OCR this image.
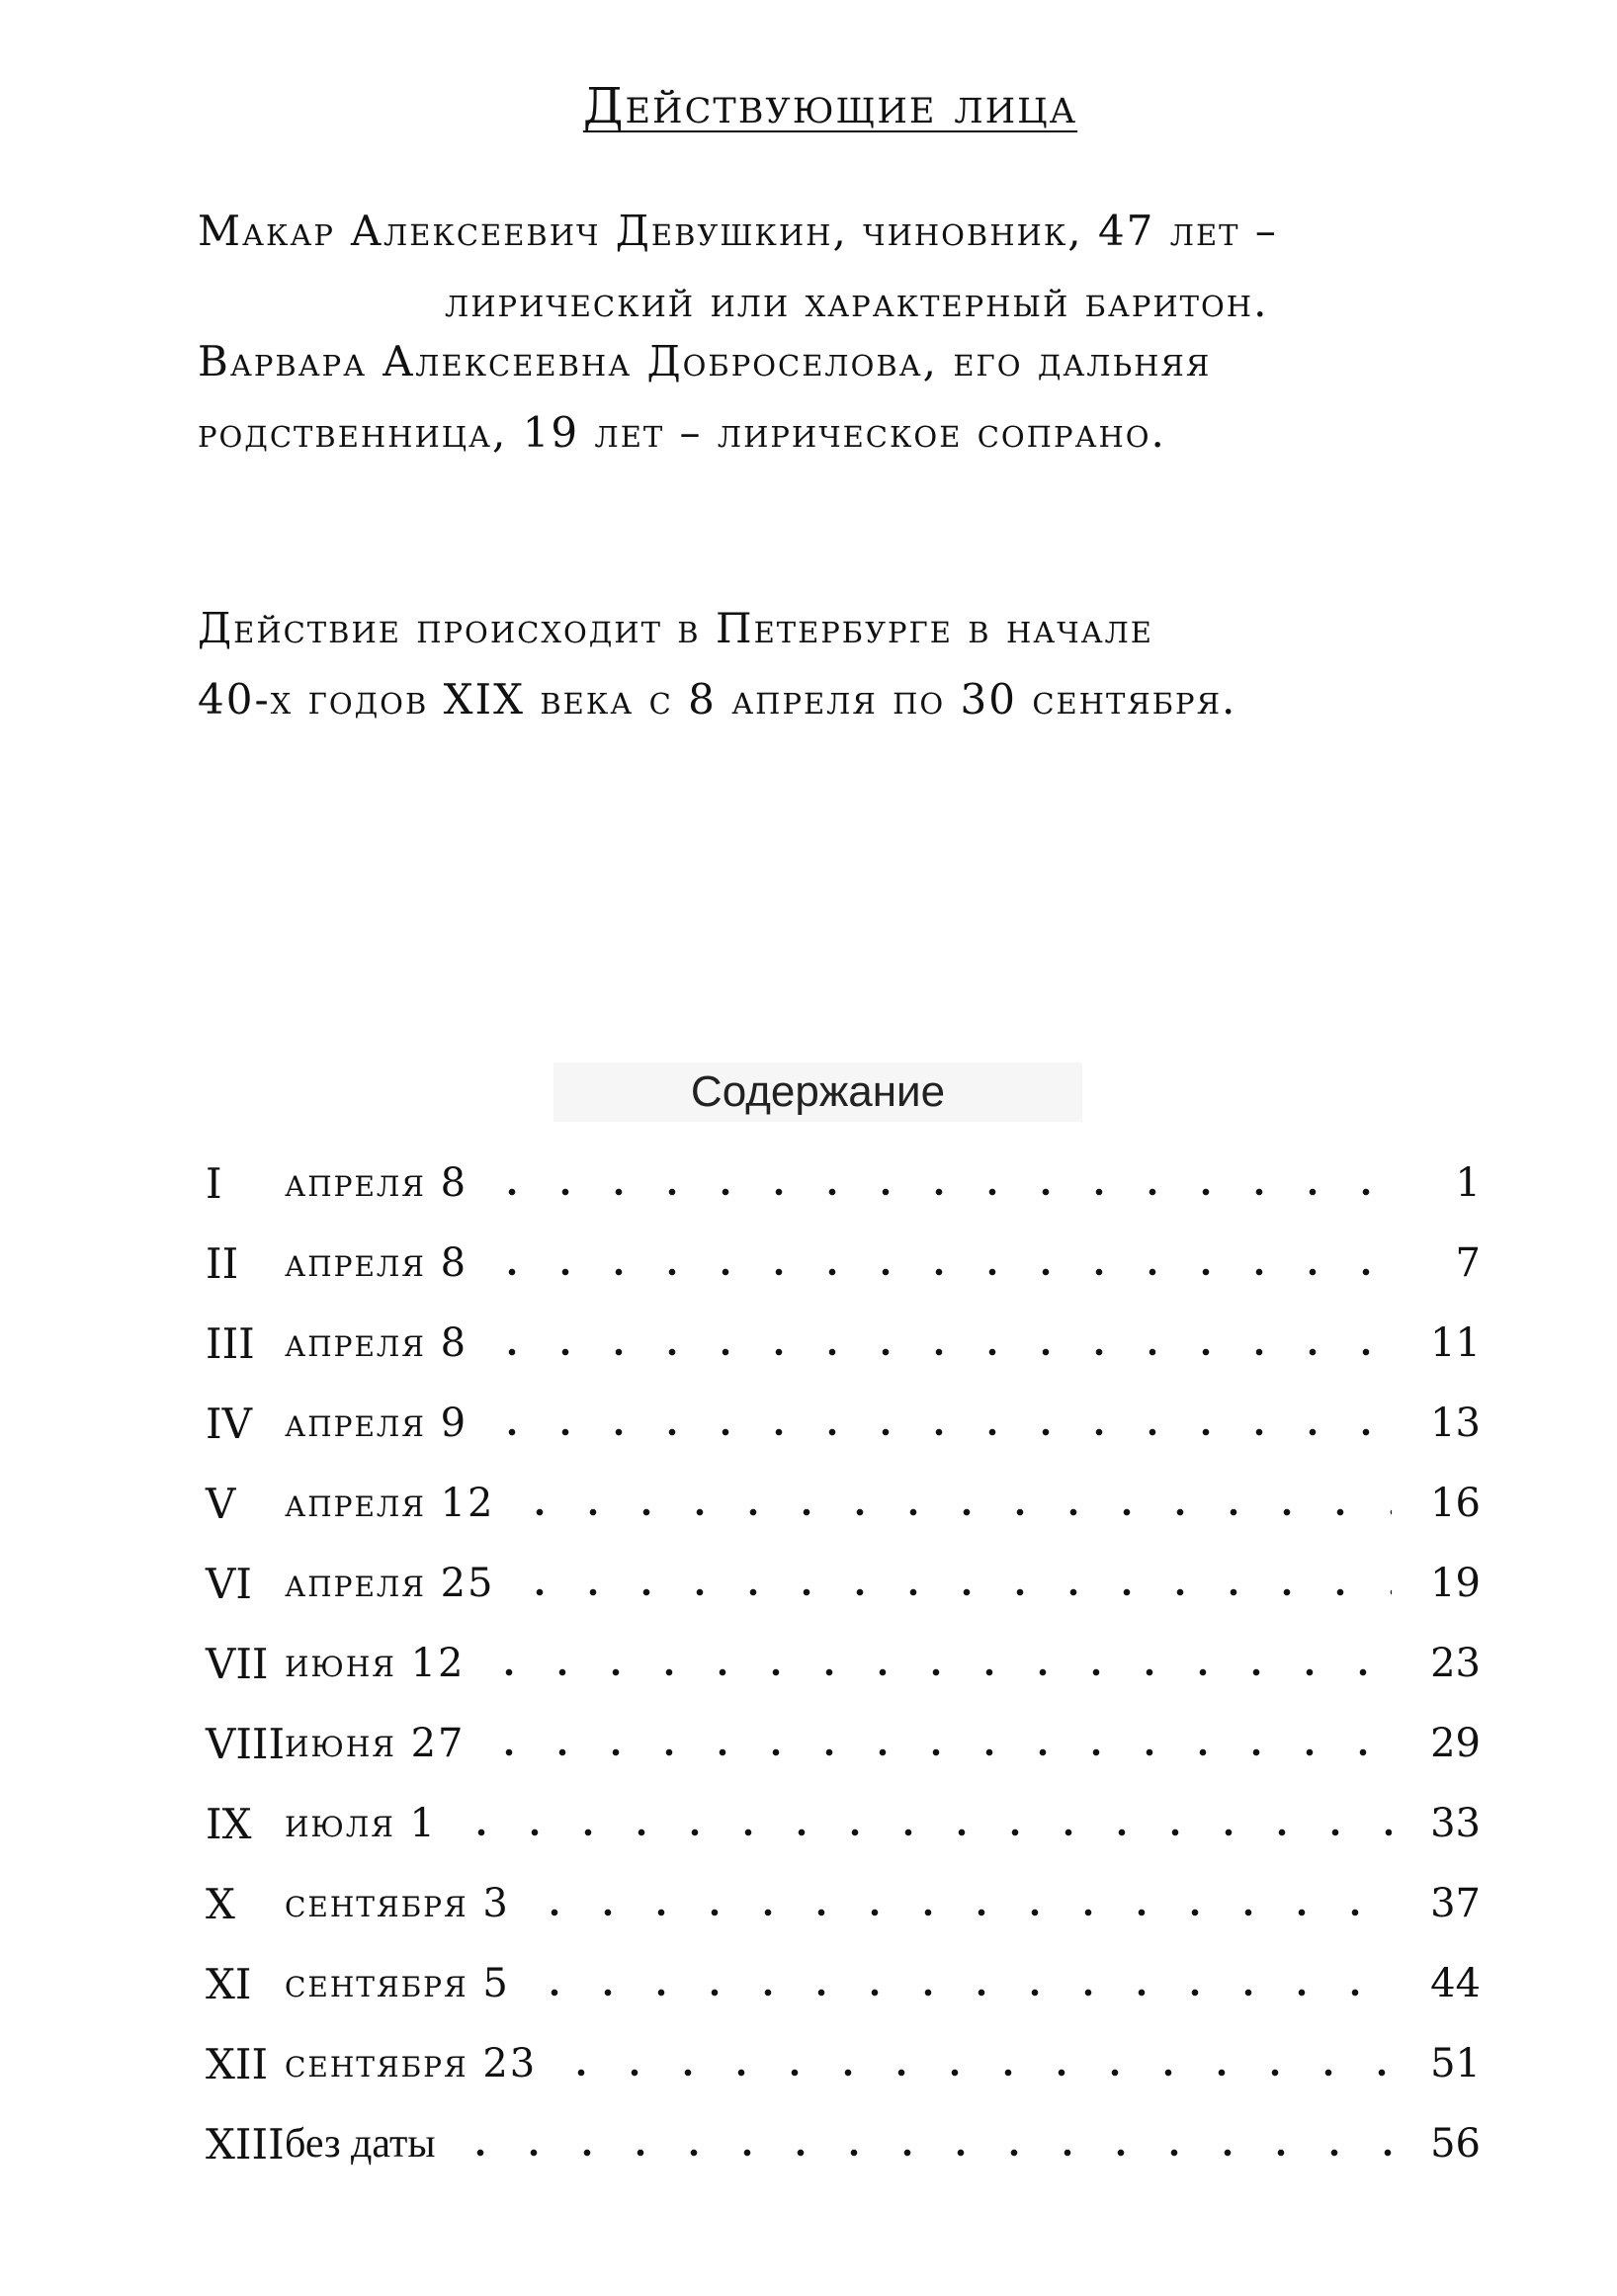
Действующие лица
Макар Алексеевич Девушкин, чиновник, 47 лет –
лирический или характерный баритон.
Варвара Алексеевна Доброселова, его дальняя
родственница, 19 лет – лирическое сопрано.
Действие происходит в Петербурге в начале
40-х годов XIX века с 8 апреля по 30 сентября.
Содержание
I	апреля 8	1
II	апреля 8	7
III апреля 8	11
IV апреля 9	13
V	апреля 12	16
VI апреля 25	19
VII июня 12	23
VIII июня 27	29
IX июля 1	33
X	сентября 3	37
XI сентября 5	44
XII сентября 23	51
XIII без даты	56
